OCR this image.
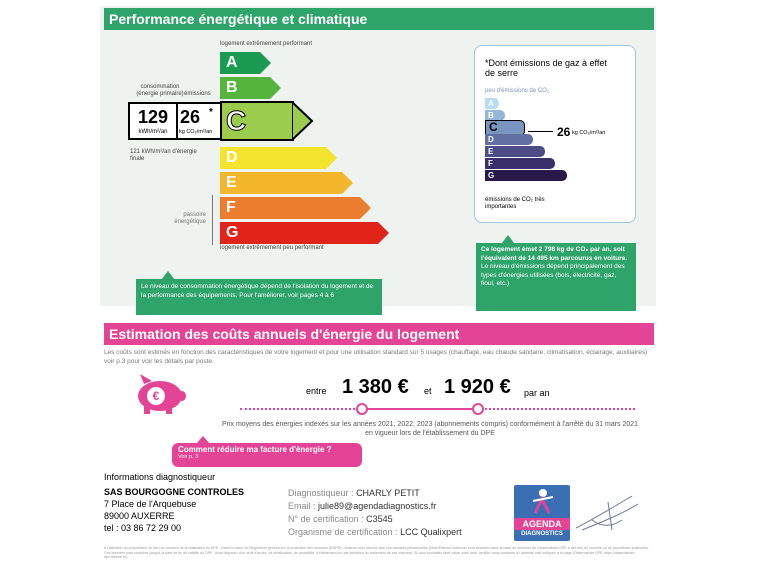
Performance énergétique et climatique
logement extrêmement performant
A
B
D
E
F
G
consommation (énergie primaire) émissions
129
kWh/m²/an
26 *
kg CO₂/m²/an C
121 kWh/m²/an d'énergie finale
passoire énergétique
logement extrêmement peu performant
Le niveau de consommation énergétique dépend de l'isolation du logement et de la performance des équipements. Pour l'améliorer, voir pages 4 à 6
*Dont émissions de gaz à effet de serre
peu d'émissions de CO₂
A
B
C
D
E
F
G
émissions de CO₂ très importantes
26 kg CO₂/m²/an
Ce logement émet 2 798 kg de CO₂ par an, soit l'équivalent de 14 495 km parcourus en voiture.
Le niveau d'émissions dépend principalement des types d'énergies utilisées (bois, électricité, gaz, fioul, etc.)
Estimation des coûts annuels d'énergie du logement
Les coûts sont estimés en fonction des caractéristiques de votre logement et pour une utilisation standard sur 5 usages (chauffage, eau chaude sanitaire, climatisation, éclairage, auxiliaires) voir p.3 pour voir les détails par poste.
€	entre 1 380 € et 1 920 € par an
Prix moyens des énergies indexés sur les années 2021, 2022, 2023 (abonnements compris) conformément à l'arrêté du 31 mars 2021 en vigueur lors de l'établissement du DPE
Comment réduire ma facture d'énergie ?
Voir p. 3
Informations diagnostiqueur
SAS BOURGOGNE CONTROLES
7 Place de l'Arquebuse
89000 AUXERRE
tel : 03 86 72 29 00
Diagnostiqueur : CHARLY PETIT
Email : julie89@agendadiagnostics.fr
N° de certification : C3545
Organisme de certification : LCC Qualixpert
AGENDA
DIAGNOSTICS
À l'attention du propriétaire du bien au moment de la réalisation du DPE : Dans le cadre du Règlement général sur la protection des données (RGPD), l'Ademe vous informe que vos données personnelles (Nom-Prénom-Adresse) sont stockées dans la base de données de l'observatoire DPE à des fins de contrôle ou de procédures judiciaires. Ces données sont stockées jusqu'à la date de fin de validité du DPE. Vous disposez d'un droit d'accès, de rectification, de portabilité, d'effacement ou une limitation du traitement de ces données. Si vous souhaitez faire valoir votre droit, veuillez nous contacter à l'adresse mail indiquée à la page (Observatoire DPE https://observatoire-dpe.ademe.fr/).
